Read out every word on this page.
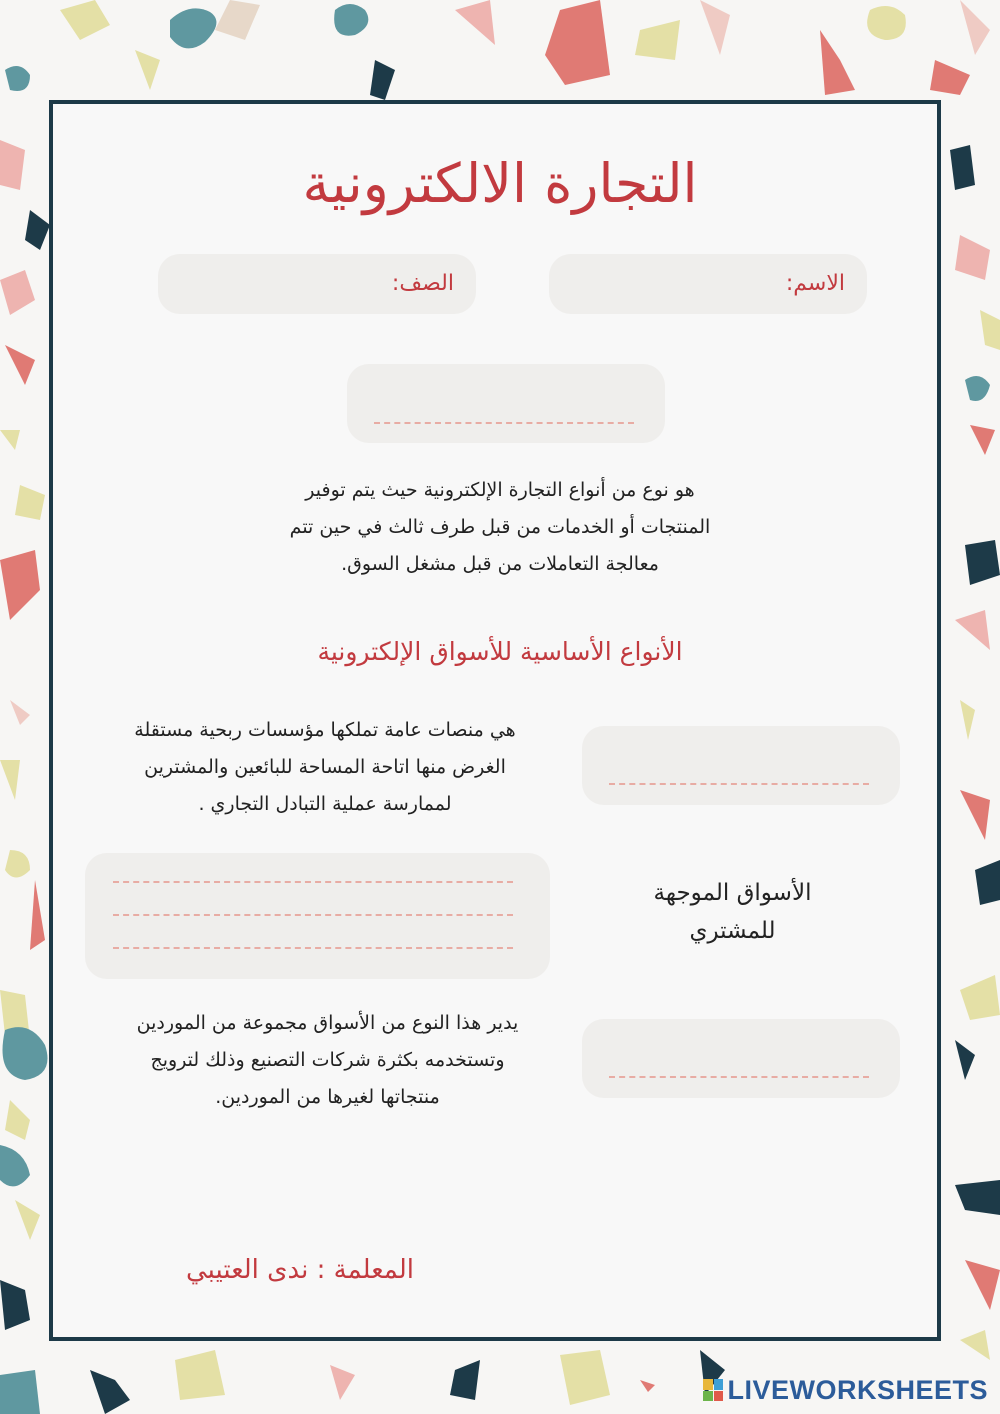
التجارة الالكترونية
الاسم:
الصف:
هو نوع من أنواع التجارة الإلكترونية حيث يتم توفير
المنتجات أو الخدمات من قبل طرف ثالث في حين تتم
معالجة التعاملات من قبل مشغل السوق.
الأنواع الأساسية للأسواق الإلكترونية
هي منصات عامة تملكها مؤسسات ربحية مستقلة
الغرض منها اتاحة المساحة للبائعين والمشترين
لممارسة عملية التبادل التجاري .
الأسواق الموجهة
للمشتري
يدير هذا النوع من الأسواق مجموعة من الموردين
وتستخدمه بكثرة شركات التصنيع وذلك لترويج
منتجاتها لغيرها من الموردين.
المعلمة : ندى العتيبي
LIVEWORKSHEETS
